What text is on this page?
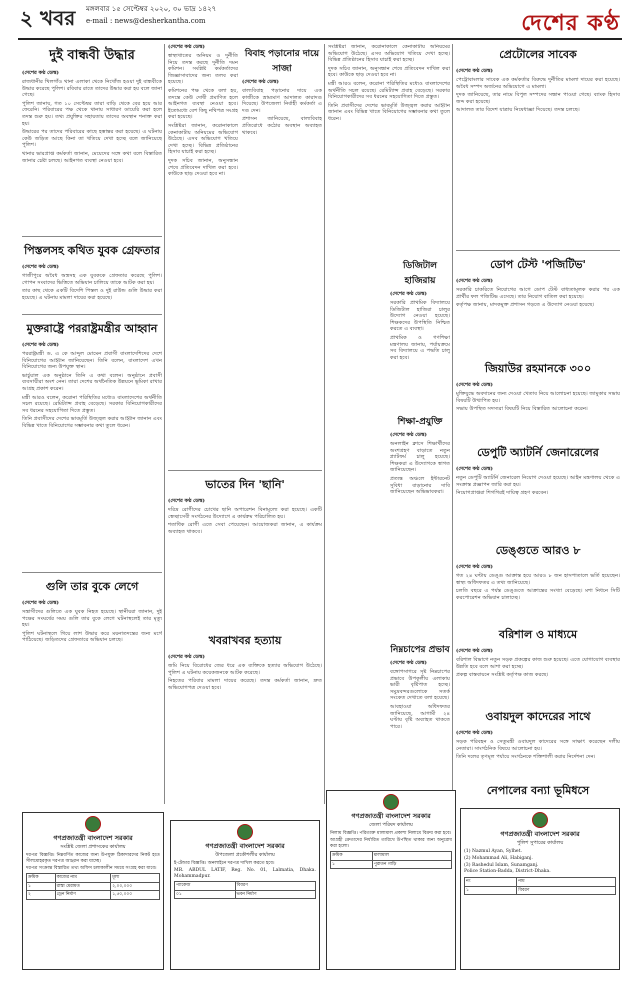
২ খবর মঙ্গলবার ১৫ সেপ্টেম্বর ২০২০, ৩০ ভাদ্র ১৪২৭
e-mail : news@desherkantha.com	দেশের কণ্ঠ
দুই বান্ধবী উদ্ধার
(দেশের কণ্ঠ ডেস্ক)

রাজধানীর খিলগাঁও থানা এলাকা থেকে নিখোঁজ হওয়া দুই বান্ধবীকে উদ্ধার করেছে পুলিশ। রবিবার রাতে তাদের উদ্ধার করা হয় বলে জানা গেছে।

পুলিশ জানায়, গত ১০ সেপ্টেম্বর তারা বাড়ি থেকে বের হয়ে আর ফেরেনি। পরিবারের পক্ষ থেকে থানায় সাধারণ ডায়েরি করা হলে তদন্ত শুরু হয়। তথ্য প্রযুক্তির সহায়তায় তাদের অবস্থান শনাক্ত করা হয়।

উদ্ধারের পর তাদের পরিবারের কাছে হস্তান্তর করা হয়েছে। এ ঘটনায় কেউ জড়িত আছে কিনা তা খতিয়ে দেখা হচ্ছে বলে জানিয়েছে পুলিশ।

থানার ভারপ্রাপ্ত কর্মকর্তা জানান, মেয়েদের সঙ্গে কথা বলে বিস্তারিত জানার চেষ্টা চলছে। আইনগত ব্যবস্থা নেওয়া হবে।

পিস্তলসহ কথিত যুবক গ্রেফতার
(দেশের কণ্ঠ ডেস্ক)

গাজীপুরে অবৈধ অস্ত্রসহ এক যুবককে গ্রেফতার করেছে পুলিশ। গোপন সংবাদের ভিত্তিতে অভিযান চালিয়ে তাকে আটক করা হয়।

তার কাছ থেকে একটি বিদেশি পিস্তল ও দুই রাউন্ড গুলি উদ্ধার করা হয়েছে। এ ঘটনায় মামলা দায়ের করা হয়েছে।

মুক্তরাষ্ট্রে পররাষ্ট্রমন্ত্রীর আহ্বান
(দেশের কণ্ঠ ডেস্ক)

পররাষ্ট্রমন্ত্রী ড. এ কে আব্দুল মোমেন প্রবাসী বাংলাদেশিদের দেশে বিনিয়োগের আহ্বান জানিয়েছেন। তিনি বলেন, বাংলাদেশ এখন বিনিয়োগের জন্য উপযুক্ত স্থান।

ভার্চুয়াল এক অনুষ্ঠানে তিনি এ কথা বলেন। অনুষ্ঠানে প্রবাসী ব্যবসায়ীরা অংশ নেন। তারা দেশের অর্থনৈতিক উন্নয়নে ভূমিকা রাখার আগ্রহ প্রকাশ করেন।

মন্ত্রী আরও বলেন, করোনা পরিস্থিতির মধ্যেও বাংলাদেশের অর্থনীতি সচল রয়েছে। রেমিট্যান্স প্রবাহ বেড়েছে। সরকার বিনিয়োগকারীদের সব ধরনের সহযোগিতা দিতে প্রস্তুত।

তিনি প্রবাসীদের দেশের ভাবমূর্তি উজ্জ্বল করার আহ্বান জানান এবং বিভিন্ন খাতে বিনিয়োগের সম্ভাবনার কথা তুলে ধরেন।

গুলি তার বুকে লেগে
(দেশের কণ্ঠ ডেস্ক)

সন্ত্রাসীদের গুলিতে এক যুবক নিহত হয়েছে। স্থানীয়রা জানান, দুই পক্ষের সংঘর্ষের সময় গুলি তার বুকে লেগে ঘটনাস্থলেই তার মৃত্যু হয়।

পুলিশ ঘটনাস্থলে গিয়ে লাশ উদ্ধার করে ময়নাতদন্তের জন্য মর্গে পাঠিয়েছে। জড়িতদের গ্রেফতারে অভিযান চলছে।

(দেশের কণ্ঠ ডেস্ক)

স্বাস্থ্যখাতের অনিয়ম ও দুর্নীতি নিয়ে তদন্ত করছে দুর্নীতি দমন কমিশন। সংশ্লিষ্ট কর্মকর্তাদের জিজ্ঞাসাবাদের জন্য তলব করা হয়েছে।

কমিশনের পক্ষ থেকে বলা হয়, তদন্তে কেউ দোষী প্রমাণিত হলে আইনগত ব্যবস্থা নেওয়া হবে। ইতোমধ্যে বেশ কিছু নথিপত্র সংগ্রহ করা হয়েছে।

সংশ্লিষ্টরা জানান, করোনাকালে কেনাকাটায় অনিয়মের অভিযোগ উঠেছে। এসব অভিযোগ খতিয়ে দেখা হচ্ছে। বিভিন্ন প্রতিষ্ঠানের হিসাব যাচাই করা হচ্ছে।

দুদক সচিব জানান, অনুসন্ধান শেষে প্রতিবেদন দাখিল করা হবে। কাউকে ছাড় দেওয়া হবে না।

বিবাহ পড়ানোর দায়ে সাজা
(দেশের কণ্ঠ ডেস্ক)

বাল্যবিবাহ পড়ানোর দায়ে এক কাজীকে ভ্রাম্যমাণ আদালত কারাদণ্ড দিয়েছে। উপজেলা নির্বাহী কর্মকর্তা এ দণ্ড দেন।

প্রশাসন জানিয়েছে, বাল্যবিবাহ প্রতিরোধে কঠোর অবস্থান অব্যাহত থাকবে।

ভাতের দিন 'ছানি'
(দেশের কণ্ঠ ডেস্ক)

দরিদ্র রোগীদের চোখের ছানি অপারেশন বিনামূল্যে করা হয়েছে। একটি স্বেচ্ছাসেবী সংগঠনের উদ্যোগে এ কার্যক্রম পরিচালিত হয়।

শতাধিক রোগী এতে সেবা পেয়েছেন। আয়োজকরা জানান, এ কার্যক্রম অব্যাহত থাকবে।

খবরাখবর হত্যায়
(দেশের কণ্ঠ ডেস্ক)

জমি নিয়ে বিরোধের জের ধরে এক ব্যক্তিকে হত্যার অভিযোগ উঠেছে। পুলিশ এ ঘটনায় কয়েকজনকে আটক করেছে।

নিহতের পরিবার মামলা দায়ের করেছে। তদন্ত কর্মকর্তা জানান, দ্রুত অভিযোগপত্র দেওয়া হবে।

সংশ্লিষ্টরা জানান, করোনাকালে কেনাকাটায় অনিয়মের অভিযোগ উঠেছে। এসব অভিযোগ খতিয়ে দেখা হচ্ছে। বিভিন্ন প্রতিষ্ঠানের হিসাব যাচাই করা হচ্ছে।

দুদক সচিব জানান, অনুসন্ধান শেষে প্রতিবেদন দাখিল করা হবে। কাউকে ছাড় দেওয়া হবে না।

মন্ত্রী আরও বলেন, করোনা পরিস্থিতির মধ্যেও বাংলাদেশের অর্থনীতি সচল রয়েছে। রেমিট্যান্স প্রবাহ বেড়েছে। সরকার বিনিয়োগকারীদের সব ধরনের সহযোগিতা দিতে প্রস্তুত।

তিনি প্রবাসীদের দেশের ভাবমূর্তি উজ্জ্বল করার আহ্বান জানান এবং বিভিন্ন খাতে বিনিয়োগের সম্ভাবনার কথা তুলে ধরেন।

ডিজিটাল হাজিরায়
(দেশের কণ্ঠ ডেস্ক)

সরকারি প্রাথমিক বিদ্যালয়ে ডিজিটাল হাজিরা চালুর উদ্যোগ নেওয়া হয়েছে। শিক্ষকদের উপস্থিতি নিশ্চিত করতে এ ব্যবস্থা।

প্রাথমিক ও গণশিক্ষা মন্ত্রণালয় জানায়, পর্যায়ক্রমে সব বিদ্যালয়ে এ পদ্ধতি চালু করা হবে।

শিক্ষা-প্রযুক্তি
(দেশের কণ্ঠ ডেস্ক)

অনলাইন ক্লাসে শিক্ষার্থীদের অংশগ্রহণ বাড়াতে নতুন প্ল্যাটফর্ম চালু হয়েছে। শিক্ষকরা এ উদ্যোগকে স্বাগত জানিয়েছেন।

প্রত্যন্ত অঞ্চলে ইন্টারনেট সুবিধা বাড়ানোর দাবি জানিয়েছেন অভিভাবকরা।

নিম্নচাপের প্রভাব
(দেশের কণ্ঠ ডেস্ক)

বঙ্গোপসাগরে সৃষ্ট নিম্নচাপের প্রভাবে উপকূলীয় এলাকায় ভারী বৃষ্টিপাত হচ্ছে। সমুদ্রবন্দরগুলোকে সতর্ক সংকেত দেখাতে বলা হয়েছে।

আবহাওয়া অধিদফতর জানিয়েছে, আগামী ২৪ ঘণ্টায় বৃষ্টি অব্যাহত থাকতে পারে।

প্রেটোলের সাবেক
(দেশের কণ্ঠ ডেস্ক)

পেট্রোবাংলার সাবেক এক কর্মকর্তার বিরুদ্ধে দুর্নীতির মামলা দায়ের করা হয়েছে। অবৈধ সম্পদ অর্জনের অভিযোগে এ মামলা।

দুদক জানিয়েছে, তার নামে বিপুল সম্পদের সন্ধান পাওয়া গেছে। ব্যাংক হিসাব জব্দ করা হয়েছে।

আদালত তার বিদেশ যাত্রায় নিষেধাজ্ঞা দিয়েছে। তদন্ত চলছে।

ডোপ টেস্ট 'পজিটিভ'
(দেশের কণ্ঠ ডেস্ক)

সরকারি চাকরিতে নিয়োগের আগে ডোপ টেস্ট বাধ্যতামূলক করার পর এক প্রার্থীর ফল পজিটিভ এসেছে। তার নিয়োগ বাতিল করা হয়েছে।

কর্তৃপক্ষ জানায়, মাদকমুক্ত প্রশাসন গড়তে এ উদ্যোগ নেওয়া হয়েছে।

জিয়াউর রহমানকে ৩০০
(দেশের কণ্ঠ ডেস্ক)

মুক্তিযুদ্ধে অবদানের জন্য দেওয়া খেতাব নিয়ে আলোচনা হয়েছে। জামুকার সভায় বিষয়টি উত্থাপিত হয়।

সভায় উপস্থিত সদস্যরা বিষয়টি নিয়ে বিস্তারিত আলোচনা করেন।

ডেপুটি অ্যাটর্নি জেনারেলের
(দেশের কণ্ঠ ডেস্ক)

নতুন ডেপুটি অ্যাটর্নি জেনারেল নিয়োগ দেওয়া হয়েছে। আইন মন্ত্রণালয় থেকে এ সংক্রান্ত প্রজ্ঞাপন জারি করা হয়।

নিয়োগপ্রাপ্তরা শিগগিরই দায়িত্ব গ্রহণ করবেন।

ডেঙ্গুতে আরও ৮
(দেশের কণ্ঠ ডেস্ক)

গত ২৪ ঘণ্টায় ডেঙ্গু আক্রান্ত হয়ে আরও ৮ জন হাসপাতালে ভর্তি হয়েছেন। স্বাস্থ্য অধিদফতর এ তথ্য জানিয়েছে।

চলতি বছরে এ পর্যন্ত ডেঙ্গুতে আক্রান্তের সংখ্যা বেড়েছে। মশা নিধনে সিটি করপোরেশন অভিযান চালাচ্ছে।

বরিশাল ও মাধ্যমে
(দেশের কণ্ঠ ডেস্ক)

বরিশাল বিভাগে নতুন সড়ক প্রকল্পের কাজ শুরু হয়েছে। এতে যোগাযোগ ব্যবস্থার উন্নতি হবে বলে আশা করা হচ্ছে।

প্রকল্প বাস্তবায়নে সংশ্লিষ্ট কর্তৃপক্ষ কাজ করছে।

ওবায়দুল কাদেরের সাথে
(দেশের কণ্ঠ ডেস্ক)

সড়ক পরিবহন ও সেতুমন্ত্রী ওবায়দুল কাদেরের সঙ্গে সাক্ষাৎ করেছেন দলীয় নেতারা। সাংগঠনিক বিষয়ে আলোচনা হয়।

তিনি দলের তৃণমূল পর্যায়ে সংগঠনকে শক্তিশালী করার নির্দেশনা দেন।

নেপালের বন্যা ভূমিধসে
গণপ্রজাতন্ত্রী বাংলাদেশ সরকার
সংশ্লিষ্ট জেলা প্রশাসকের কার্যালয়

দরপত্র বিজ্ঞপ্তি। নিম্নবর্ণিত কাজের জন্য উপযুক্ত ঠিকাদারদের নিকট হতে সীলমোহরকৃত দরপত্র আহ্বান করা যাচ্ছে।

দরপত্র সংক্রান্ত বিস্তারিত তথ্য অফিস চলাকালীন সময়ে সংগ্রহ করা যাবে।

ক্রমিক	কাজের নাম	মূল্য
১	রাস্তা মেরামত	২,০০,০০০
২	ড্রেন নির্মাণ	১,৫০,০০০
গণপ্রজাতন্ত্রী বাংলাদেশ সরকার
উপজেলা প্রকৌশলীর কার্যালয়

ই-টেন্ডার বিজ্ঞপ্তি। অনলাইনে দরপত্র দাখিল করতে হবে।

MR. ABDUL LATIF, Reg. No. 01, Lalmatia, Dhaka. Mohammadpur.

প্যাকেজ	বিবরণ
০১	ভবন নির্মাণ
গণপ্রজাতন্ত্রী বাংলাদেশ সরকার
জেলা পরিষদ কার্যালয়

নিলাম বিজ্ঞপ্তি। পরিত্যক্ত মালামাল প্রকাশ্য নিলামে বিক্রয় করা হবে।

আগ্রহী ক্রেতাদের নির্ধারিত তারিখে উপস্থিত থাকার জন্য অনুরোধ করা হলো।

ক্রমিক	মালামাল
১	পুরাতন গাড়ি
গণপ্রজাতন্ত্রী বাংলাদেশ সরকার
পুলিশ সুপারের কার্যালয়

(1) Nazmul Ayan, Sylhet.

(2) Mohammad Ali, Habiganj.

(3) Rashedul Islam, Sunamganj.

Police Station-Badda, District-Dhaka.

নং	নাম
১	বিবরণ
